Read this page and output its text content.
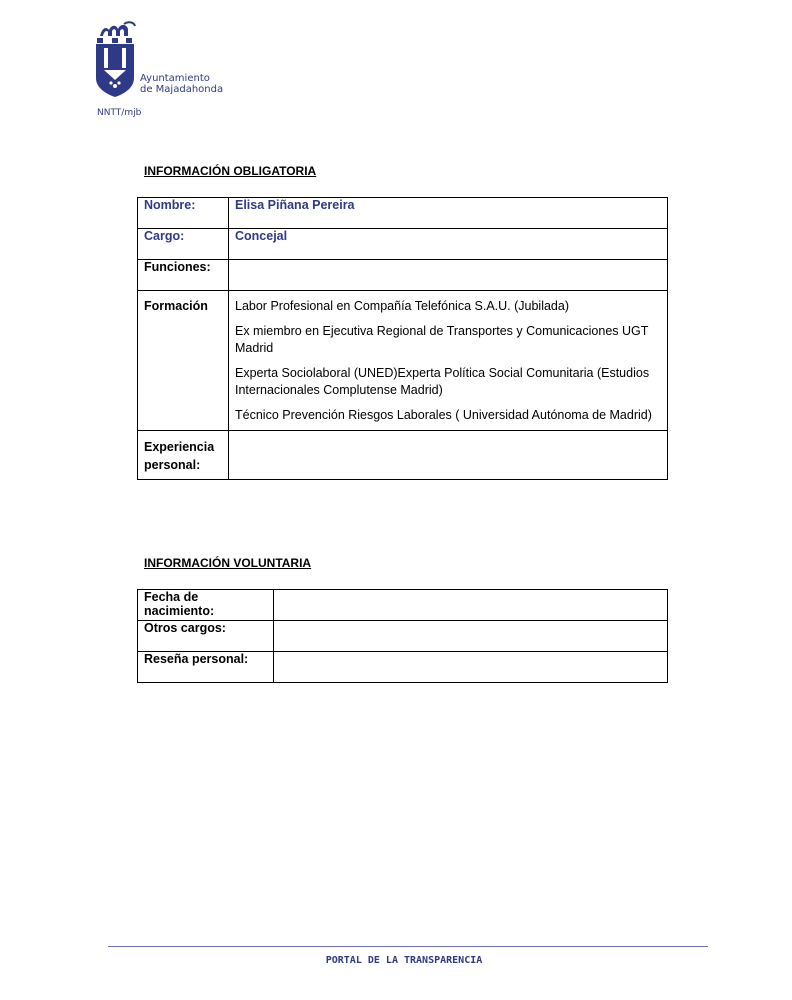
Ayuntamiento
de Majadahonda
NNTT/mjb
INFORMACIÓN OBLIGATORIA
Nombre:	Elisa Piñana Pereira
Cargo:	Concejal
Funciones:	
Formación	Labor Profesional en Compañía Telefónica S.A.U. (Jubilada)

Ex miembro en Ejecutiva Regional de Transportes y Comunicaciones UGT Madrid

Experta Sociolaboral (UNED)Experta Política Social Comunitaria (Estudios Internacionales Complutense Madrid)

Técnico Prevención Riesgos Laborales ( Universidad Autónoma de Madrid)

Experiencia personal:	
INFORMACIÓN VOLUNTARIA
Fecha de nacimiento:	
Otros cargos:	
Reseña personal:	
PORTAL DE LA TRANSPARENCIA
